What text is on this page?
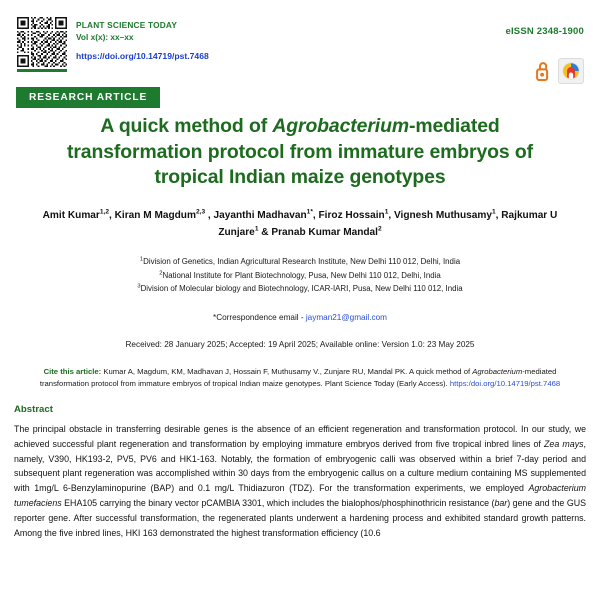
PLANT SCIENCE TODAY
Vol x(x): xx–xx
https://doi.org/10.14719/pst.7468
eISSN 2348-1900
RESEARCH ARTICLE
A quick method of Agrobacterium-mediated transformation protocol from immature embryos of tropical Indian maize genotypes
Amit Kumar$^{1,2}$, Kiran M Magdum$^{2,3}$ , Jayanthi Madhavan$^{1*}$, Firoz Hossain$^1$, Vignesh Muthusamy$^1$, Rajkumar U Zunjare$^1$ & Pranab Kumar Mandal$^2$
$^1$Division of Genetics, Indian Agricultural Research Institute, New Delhi 110 012, Delhi, India
$^2$National Institute for Plant Biotechnology, Pusa, New Delhi 110 012, Delhi, India
$^3$Division of Molecular biology and Biotechnology, ICAR-IARI, Pusa, New Delhi 110 012, India
*Correspondence email - jayman21@gmail.com
Received: 28 January 2025; Accepted: 19 April 2025; Available online: Version 1.0: 23 May 2025
Cite this article: Kumar A, Magdum, KM, Madhavan J, Hossain F, Muthusamy V., Zunjare RU, Mandal PK. A quick method of Agrobacterium-mediated transformation protocol from immature embryos of tropical Indian maize genotypes. Plant Science Today (Early Access). https:/doi.org/10.14719/pst.7468
Abstract
The principal obstacle in transferring desirable genes is the absence of an efficient regeneration and transformation protocol. In our study, we achieved successful plant regeneration and transformation by employing immature embryos derived from five tropical inbred lines of Zea mays, namely, V390, HK193-2, PV5, PV6 and HK1-163. Notably, the formation of embryogenic calli was observed within a brief 7-day period and subsequent plant regeneration was accomplished within 30 days from the embryogenic callus on a culture medium containing MS supplemented with 1mg/L 6-Benzylaminopurine (BAP) and 0.1 mg/L Thidiazuron (TDZ). For the transformation experiments, we employed Agrobacterium tumefaciens EHA105 carrying the binary vector pCAMBIA 3301, which includes the bialophos/phosphinothricin resistance (bar) gene and the GUS reporter gene. After successful transformation, the regenerated plants underwent a hardening process and exhibited standard growth patterns. Among the five inbred lines, HKI 163 demonstrated the highest transformation efficiency (10.6
